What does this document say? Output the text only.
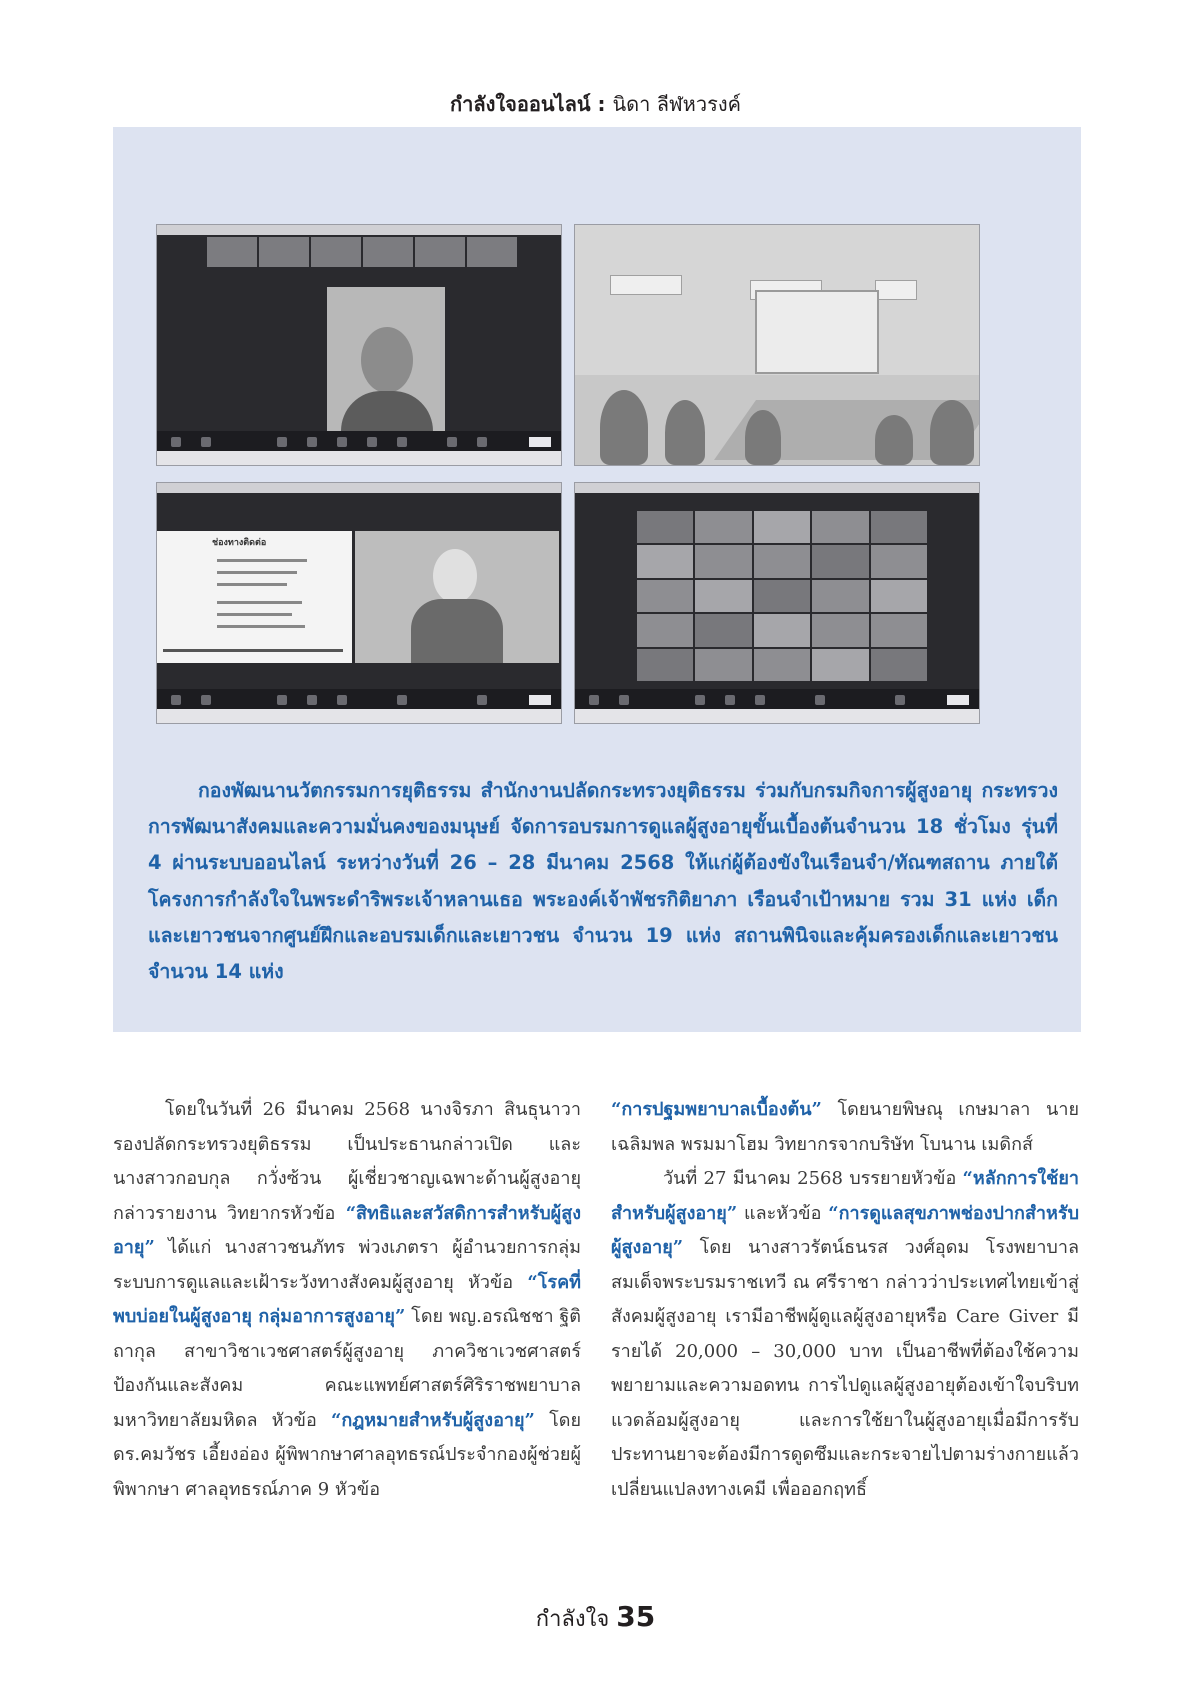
กำลังใจออนไลน์ : นิดา ลีฬหวรงค์
ช่องทางติดต่อ

กองพัฒนานวัตกรรมการยุติธรรม สำนักงานปลัดกระทรวงยุติธรรม ร่วมกับกรมกิจการผู้สูงอายุ กระทรวงการพัฒนาสังคมและความมั่นคงของมนุษย์ จัดการอบรมการดูแลผู้สูงอายุขั้นเบื้องต้นจำนวน 18 ชั่วโมง รุ่นที่ 4 ผ่านระบบออนไลน์ ระหว่างวันที่ 26 – 28 มีนาคม 2568 ให้แก่ผู้ต้องขังในเรือนจำ/ทัณฑสถาน ภายใต้โครงการกำลังใจในพระดำริพระเจ้าหลานเธอ พระองค์เจ้าพัชรกิติยาภา เรือนจำเป้าหมาย รวม 31 แห่ง เด็กและเยาวชนจากศูนย์ฝึกและอบรมเด็กและเยาวชน จำนวน 19 แห่ง สถานพินิจและคุ้มครองเด็กและเยาวชน จำนวน 14 แห่ง

โดยในวันที่ 26 มีนาคม 2568 นางจิรภา สินธุนาวา รองปลัดกระทรวงยุติธรรม เป็นประธานกล่าวเปิด และนางสาวกอบกุล กวั่งซ้วน ผู้เชี่ยวชาญเฉพาะด้านผู้สูงอายุ กล่าวรายงาน วิทยากรหัวข้อ “สิทธิและสวัสดิการสำหรับผู้สูงอายุ” ได้แก่ นางสาวชนภัทร พ่วงเภตรา ผู้อำนวยการกลุ่มระบบการดูแลและเฝ้าระวังทางสังคมผู้สูงอายุ หัวข้อ “โรคที่พบบ่อยในผู้สูงอายุ กลุ่มอาการสูงอายุ” โดย พญ.อรณิชชา ฐิติถากุล สาขาวิชาเวชศาสตร์ผู้สูงอายุ ภาควิชาเวชศาสตร์ป้องกันและสังคม คณะแพทย์ศาสตร์ศิริราชพยาบาล มหาวิทยาลัยมหิดล หัวข้อ “กฎหมายสำหรับผู้สูงอายุ” โดย ดร.คมวัชร เอี้ยงอ่อง ผู้พิพากษาศาลอุทธรณ์ประจำกองผู้ช่วยผู้พิพากษา ศาลอุทธรณ์ภาค 9 หัวข้อ

“การปฐมพยาบาลเบื้องต้น” โดยนายพิษณุ เกษมาลา นายเฉลิมพล พรมมาโฮม วิทยากรจากบริษัท โบนาน เมดิกส์

วันที่ 27 มีนาคม 2568 บรรยายหัวข้อ “หลักการใช้ยาสำหรับผู้สูงอายุ” และหัวข้อ “การดูแลสุขภาพช่องปากสำหรับผู้สูงอายุ” โดย นางสาวรัตน์ธนรส วงศ์อุดม โรงพยาบาลสมเด็จพระบรมราชเทวี ณ ศรีราชา กล่าวว่าประเทศไทยเข้าสู่สังคมผู้สูงอายุ เรามีอาชีพผู้ดูแลผู้สูงอายุหรือ Care Giver มีรายได้ 20,000 – 30,000 บาท เป็นอาชีพที่ต้องใช้ความพยายามและความอดทน การไปดูแลผู้สูงอายุต้องเข้าใจบริบทแวดล้อมผู้สูงอายุ และการใช้ยาในผู้สูงอายุเมื่อมีการรับประทานยาจะต้องมีการดูดซึมและกระจายไปตามร่างกายแล้วเปลี่ยนแปลงทางเคมี เพื่อออกฤทธิ์

กำลังใจ 35
